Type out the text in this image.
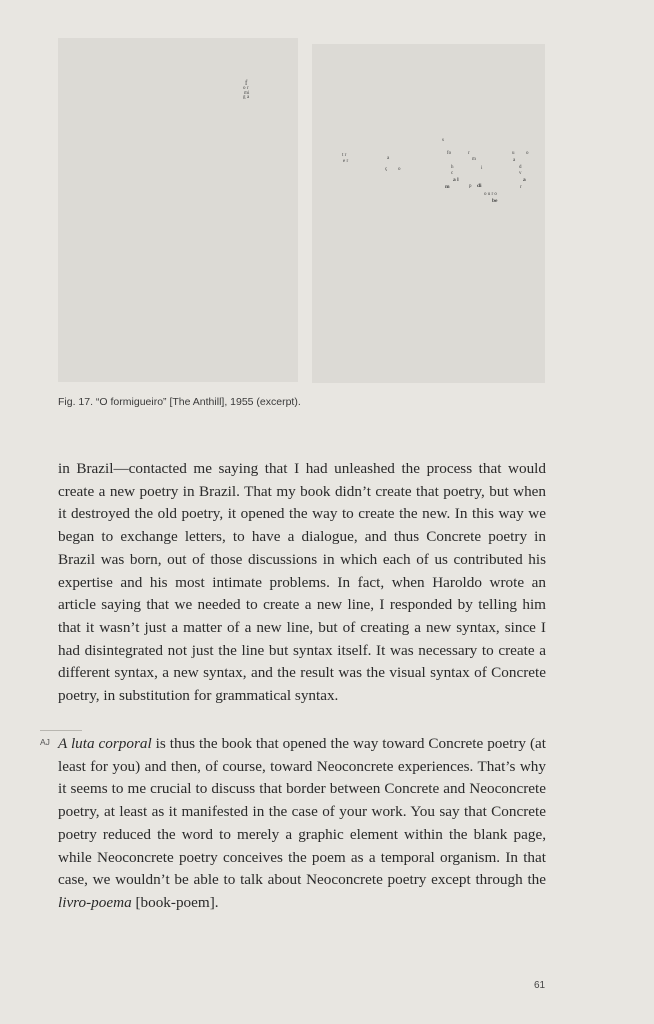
f
o r
m i
g a
s
t r
e r
a
ç o
fo	r
m
h	i
c
a l
m	p di
o u r o
be
u o
a
d
v
a
r
Fig. 17. “O formigueiro” [The Anthill], 1955 (excerpt).

in Brazil—contacted me saying that I had unleashed the process that would create a new poetry in Brazil. That my book didn’t create that poetry, but when it destroyed the old poetry, it opened the way to create the new. In this way we began to exchange letters, to have a dialogue, and thus Concrete poetry in Brazil was born, out of those discussions in which each of us contributed his expertise and his most intimate problems. In fact, when Haroldo wrote an article saying that we needed to create a new line, I responded by telling him that it wasn’t just a matter of a new line, but of creating a new syntax, since I had disintegrated not just the line but syntax itself. It was necessary to create a different syntax, a new syntax, and the result was the visual syntax of Concrete poetry, in substitution for grammatical syntax.

AJ A luta corporal is thus the book that opened the way toward Concrete poetry (at least for you) and then, of course, toward Neoconcrete experiences. That’s why it seems to me crucial to discuss that border between Concrete and Neoconcrete poetry, at least as it manifested in the case of your work. You say that Concrete poetry reduced the word to merely a graphic element within the blank page, while Neoconcrete poetry conceives the poem as a temporal organism. In that case, we wouldn’t be able to talk about Neoconcrete poetry except through the livro-poema [book-poem].

61
